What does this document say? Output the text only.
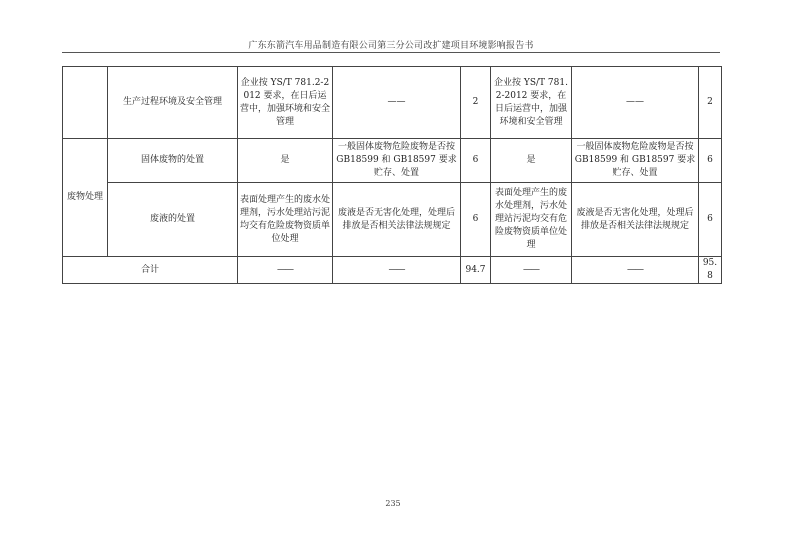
广东东箭汽车用品制造有限公司第三分公司改扩建项目环境影响报告书
	生产过程环境及安全管理	企业按 YS/T 781.2-2012 要求，在日后运营中，加强环境和安全管理	——	2	企业按 YS/T 781.2-2012 要求，在日后运营中，加强环境和安全管理	——	2
废物处理	固体废物的处置	是	一般固体废物危险废物是否按 GB18599 和 GB18597 要求贮存、处置	6	是	一般固体废物危险废物是否按 GB18599 和 GB18597 要求贮存、处置	6
	废液的处置	表面处理产生的废水处理剂，污水处理站污泥均交有危险废物资质单位处理	废液是否无害化处理，处理后排放是否相关法律法规规定	6	表面处理产生的废水处理剂，污水处理站污泥均交有危险废物资质单位处理	废液是否无害化处理，处理后排放是否相关法律法规规定	6
合计		——	——	94.7	——	——	95.8
235
